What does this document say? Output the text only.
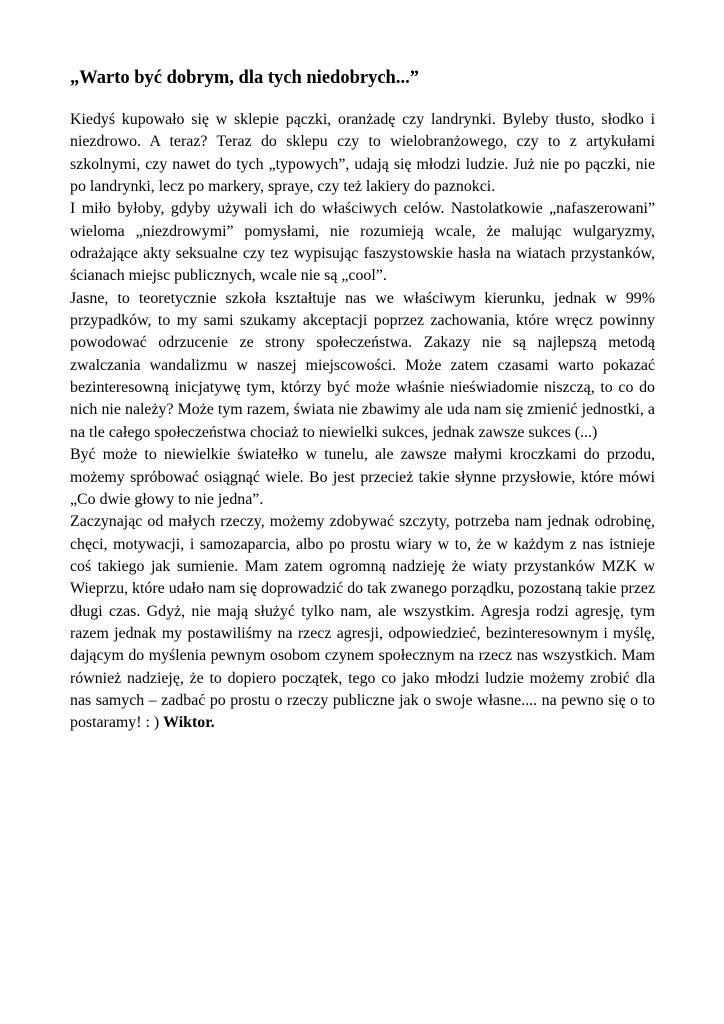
„Warto być dobrym, dla tych niedobrych...”

Kiedyś kupowało się w sklepie pączki, oranżadę czy landrynki. Byleby tłusto, słodko i niezdrowo. A teraz? Teraz do sklepu czy to wielobranżowego, czy to z artykułami szkolnymi, czy nawet do tych „typowych”, udają się młodzi ludzie. Już nie po pączki, nie po landrynki, lecz po markery, spraye, czy też lakiery do paznokci.

I miło byłoby, gdyby używali ich do właściwych celów. Nastolatkowie „nafaszerowani” wieloma „niezdrowymi” pomysłami, nie rozumieją wcale, że malując wulgaryzmy, odrażające akty seksualne czy tez wypisując faszystowskie hasła na wiatach przystanków, ścianach miejsc publicznych, wcale nie są „cool”.

Jasne, to teoretycznie szkoła kształtuje nas we właściwym kierunku, jednak w 99% przypadków, to my sami szukamy akceptacji poprzez zachowania, które wręcz powinny powodować odrzucenie ze strony społeczeństwa. Zakazy nie są najlepszą metodą zwalczania wandalizmu w naszej miejscowości. Może zatem czasami warto pokazać bezinteresowną inicjatywę tym, którzy być może właśnie nieświadomie niszczą, to co do nich nie należy? Może tym razem, świata nie zbawimy ale uda nam się zmienić jednostki, a na tle całego społeczeństwa chociaż to niewielki sukces, jednak zawsze sukces (...)

Być może to niewielkie światełko w tunelu, ale zawsze małymi kroczkami do przodu, możemy spróbować osiągnąć wiele. Bo jest przecież takie słynne przysłowie, które mówi „Co dwie głowy to nie jedna”.

Zaczynając od małych rzeczy, możemy zdobywać szczyty, potrzeba nam jednak odrobinę, chęci, motywacji, i samozaparcia, albo po prostu wiary w to, że w każdym z nas istnieje coś takiego jak sumienie. Mam zatem ogromną nadzieję że wiaty przystanków MZK w Wieprzu, które udało nam się doprowadzić do tak zwanego porządku, pozostaną takie przez długi czas. Gdyż, nie mają służyć tylko nam, ale wszystkim. Agresja rodzi agresję, tym razem jednak my postawiliśmy na rzecz agresji, odpowiedzieć, bezinteresownym i myślę, dającym do myślenia pewnym osobom czynem społecznym na rzecz nas wszystkich. Mam również nadzieję, że to dopiero początek, tego co jako młodzi ludzie możemy zrobić dla nas samych – zadbać po prostu o rzeczy publiczne jak o swoje własne.... na pewno się o to postaramy! : ) Wiktor.
